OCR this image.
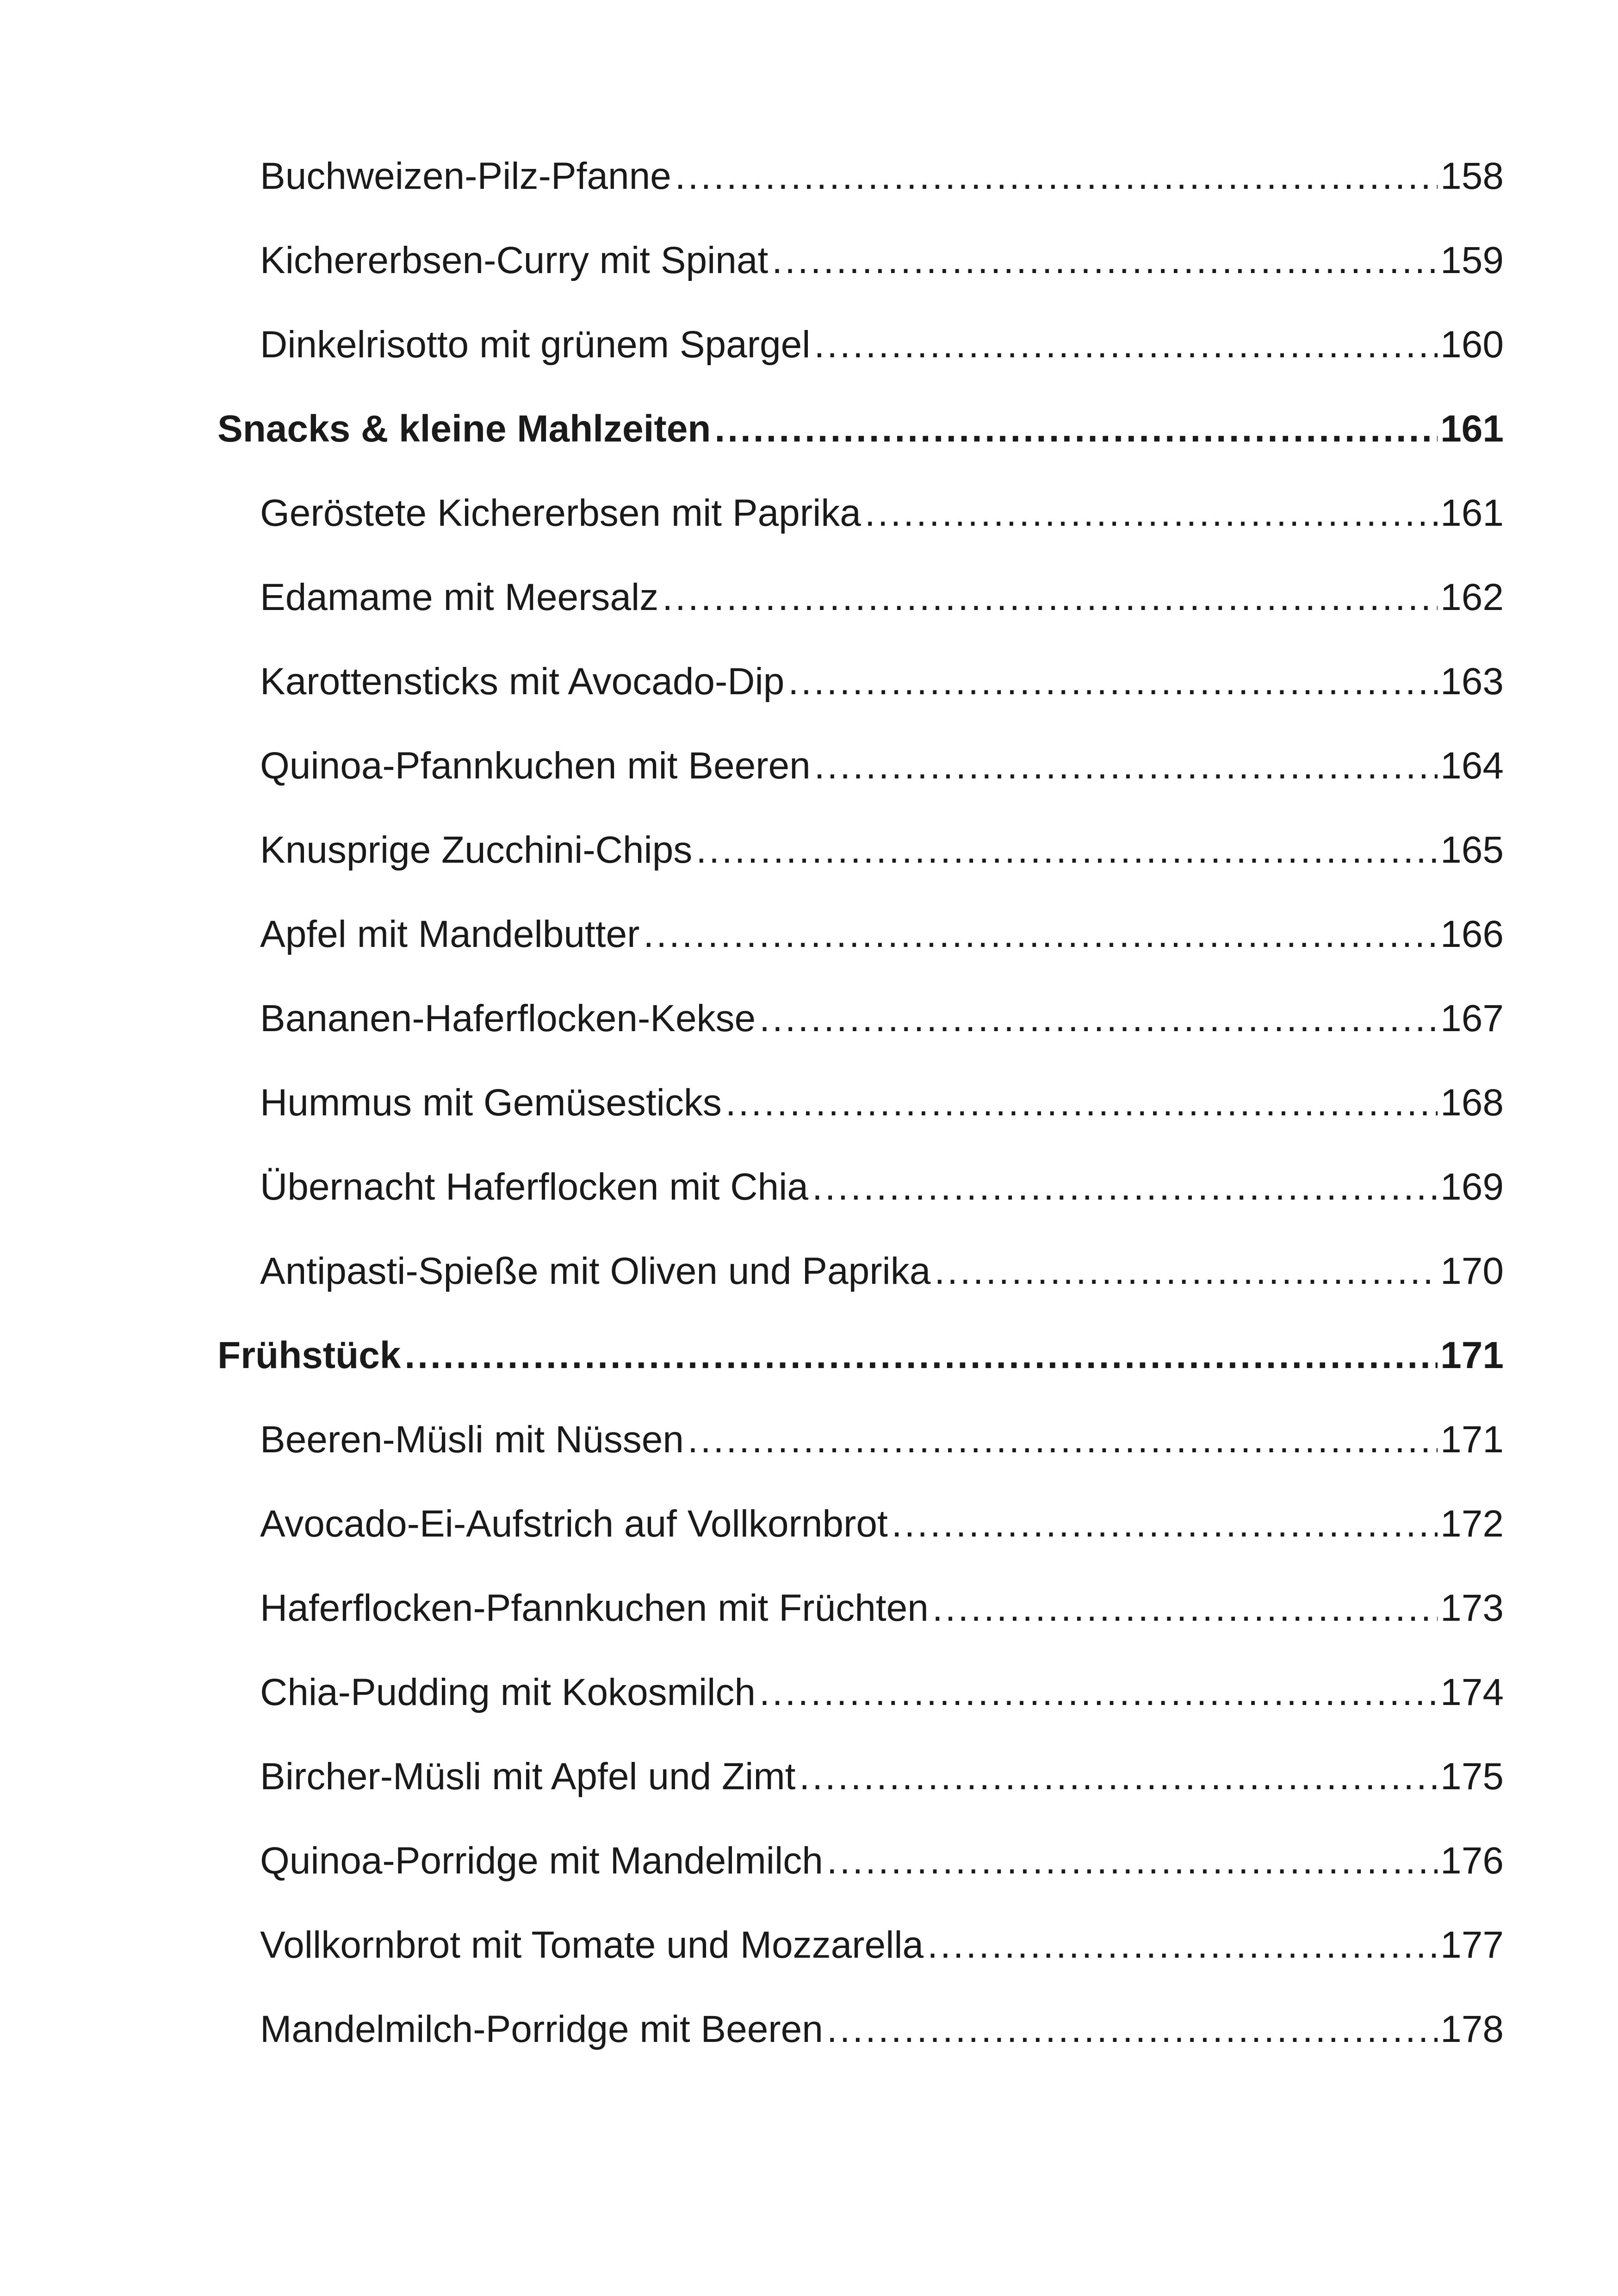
Buchweizen-Pilz-Pfanne .....	158
Kichererbsen-Curry mit Spinat .....	159
Dinkelrisotto mit grünem Spargel .....	160
Snacks & kleine Mahlzeiten .....	161
Geröstete Kichererbsen mit Paprika .....	161
Edamame mit Meersalz .....	162
Karottensticks mit Avocado-Dip .....	163
Quinoa-Pfannkuchen mit Beeren .....	164
Knusprige Zucchini-Chips .....	165
Apfel mit Mandelbutter .....	166
Bananen-Haferflocken-Kekse .....	167
Hummus mit Gemüsesticks .....	168
Übernacht Haferflocken mit Chia .....	169
Antipasti-Spieße mit Oliven und Paprika .....	170
Frühstück .....	171
Beeren-Müsli mit Nüssen .....	171
Avocado-Ei-Aufstrich auf Vollkornbrot .....	172
Haferflocken-Pfannkuchen mit Früchten .....	173
Chia-Pudding mit Kokosmilch .....	174
Bircher-Müsli mit Apfel und Zimt .....	175
Quinoa-Porridge mit Mandelmilch .....	176
Vollkornbrot mit Tomate und Mozzarella .....	177
Mandelmilch-Porridge mit Beeren .....	178
